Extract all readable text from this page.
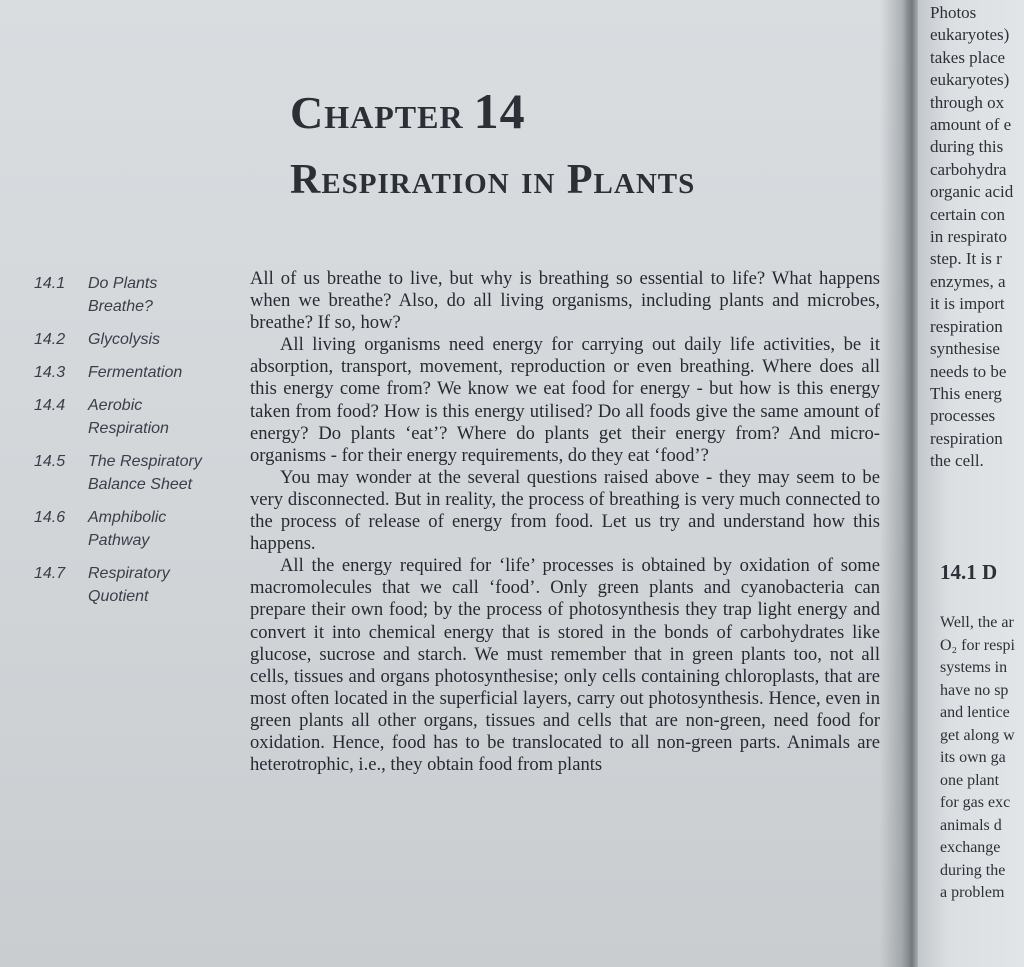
Chapter 14
Respiration in Plants
14.1	Do Plants
Breathe?
14.2	Glycolysis
14.3	Fermentation
14.4	Aerobic
Respiration
14.5	The Respiratory
Balance Sheet
14.6	Amphibolic
Pathway
14.7	Respiratory
Quotient

All of us breathe to live, but why is breathing so essential to life? What happens when we breathe? Also, do all living organisms, including plants and microbes, breathe? If so, how?

All living organisms need energy for carrying out daily life activities, be it absorption, transport, movement, reproduction or even breathing. Where does all this energy come from? We know we eat food for energy - but how is this energy taken from food? How is this energy utilised? Do all foods give the same amount of energy? Do plants ‘eat’? Where do plants get their energy from? And micro-organisms - for their energy requirements, do they eat ‘food’?

You may wonder at the several questions raised above - they may seem to be very disconnected. But in reality, the process of breathing is very much connected to the process of release of energy from food. Let us try and understand how this happens.

All the energy required for ‘life’ processes is obtained by oxidation of some macromolecules that we call ‘food’. Only green plants and cyanobacteria can prepare their own food; by the process of photosynthesis they trap light energy and convert it into chemical energy that is stored in the bonds of carbohydrates like glucose, sucrose and starch. We must remember that in green plants too, not all cells, tissues and organs photosynthesise; only cells containing chloroplasts, that are most often located in the superficial layers, carry out photosynthesis. Hence, even in green plants all other organs, tissues and cells that are non-green, need food for oxidation. Hence, food has to be translocated to all non-green parts. Animals are heterotrophic, i.e., they obtain food from plants

Photos
eukaryotes)
takes place
eukaryotes)
through ox
amount of e
during this
carbohydra
organic acid
certain con
in respirato
step. It is r
enzymes, a
it is import
respiration
synthesise
needs to be
This energ
processes
respiration
the cell.
14.1 D
Well, the ar
O₂ for respi
systems in
have no sp
and lentice
get along w
its own ga
one plant
for gas exc
animals d
exchange
during the
a problem
